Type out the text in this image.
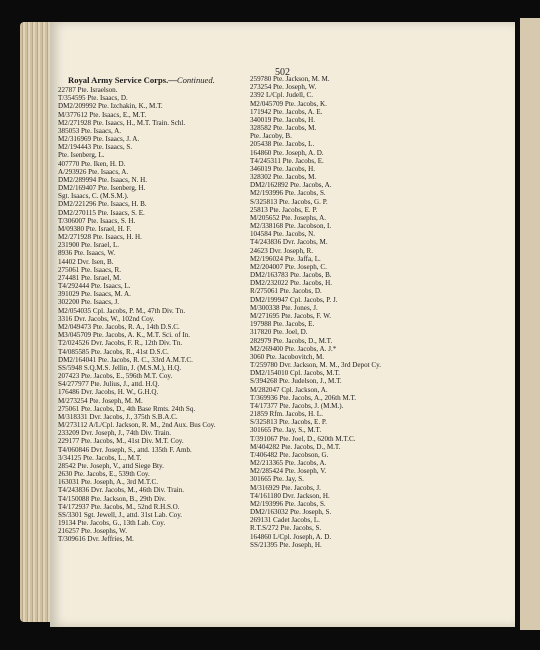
502
Royal Army Service Corps.—Continued.
22787 Pte. Israelson.
T/354595 Pte. Isaacs, D.
DM2/209992 Pte. Izchakin, K., M.T.
M/377612 Pte. Isaacs, E., M.T.
M2/271928 Pte. Isaacs, H., M.T. Train. Schl.
385053 Pte. Isaacs, A.
M2/316969 Pte. Isaacs, J. A.
M2/194443 Pte. Isaacs, S.
Pte. Isenberg, L.
407770 Pte. Iken, H. D.
A/293926 Pte. Isaacs, A.
DM2/289994 Pte. Isaacs, N. H.
DM2/169407 Pte. Isenberg, H.
Sgt. Isaacs, C. (M.S.M.).
DM2/221296 Pte. Isaacs, H. B.
DM2/270115 Pte. Isaacs, S. E.
T/306007 Pte. Isaacs, S. H.
M/09380 Pte. Israel, H. F.
M2/271928 Pte. Isaacs, H. H.
231900 Pte. Israel, L.
8936 Pte. Isaacs, W.
14402 Dvr. Isen, B.
275061 Pte. Isaacs, R.
274481 Pte. Israel, M.
T4/292444 Pte. Isaacs, L.
391029 Pte. Isaacs, M. A.
302200 Pte. Isaacs, J.
M2/054035 Cpl. Jacobs, P. M., 47th Div. Tn.
3316 Dvr. Jacobs, W., 102nd Coy.
M2/049473 Pte. Jacobs, R. A., 14th D.S.C.
M3/045709 Pte. Jacobs, A. K., M.T. Sci. of In.
T2/024526 Dvr. Jacobs, F. R., 12th Div. Tn.
T4/085585 Pte. Jacobs, R., 41st D.S.C.
DM2/164041 Pte. Jacobs, R. C., 33rd A.M.T.C.
SS/5948 S.Q.M.S. Jellin, J. (M.S.M.), H.Q.
207423 Pte. Jacobs, E., 596th M.T. Coy.
S4/277977 Pte. Julius, J., attd. H.Q.
176486 Dvr. Jacobs, H. W., G.H.Q.
M/273254 Pte. Joseph, M. M.
275061 Pte. Jacobs, D., 4th Base Rmts. 24th Sq.
M/318331 Dvr. Jacobs, J., 375th S.B.A.C.
M/273112 A/L/Cpl. Jackson, R. M., 2nd Aux. Bus Coy.
233209 Dvr. Joseph, J., 74th Div. Train.
229177 Pte. Jacobs, M., 41st Div. M.T. Coy.
T4/060846 Dvr. Joseph, S., attd. 135th F. Amb.
3/34125 Pte. Jacobs, L., M.T.
28542 Pte. Joseph, V., attd Siege Bty.
2630 Pte. Jacobs, E., 539th Coy.
163031 Pte. Joseph, A., 3rd M.T.C.
T4/243836 Dvr. Jacobs, M., 46th Div. Train.
T4/150088 Pte. Jackson, B., 29th Div.
T4/172937 Pte. Jacobs, M., 52nd R.H.S.O.
SS/3301 Sgt. Jewell, J., attd. 31st Lab. Coy.
19134 Pte. Jacobs, G., 13th Lab. Coy.
216257 Pte. Josephs, W.
T/309616 Dvr. Jeffries, M.
259780 Pte. Jackson, M. M.
273254 Pte. Joseph, W.
2392 L/Cpl. Judell, C.
M2/045709 Pte. Jacobs, K.
171942 Pte. Jacobs, A. E.
340019 Pte. Jacobs, H.
328582 Pte. Jacobs, M.
Pte. Jacoby, B.
205438 Pte. Jacobs, L.
164860 Pte. Joseph, A. D.
T4/245311 Pte. Jacobs, E.
346019 Pte. Jacobs, H.
328302 Pte. Jacobs, M.
DM2/162892 Pte. Jacobs, A.
M2/193996 Pte. Jacobs, S.
S/325813 Pte. Jacobs, G. P.
25813 Pte. Jacobs, E. P.
M/205652 Pte. Josephs, A.
M2/338168 Pte. Jacobson, I.
104584 Pte. Jacobs, N.
T4/243836 Dvr. Jacobs, M.
24623 Dvr. Joseph, R.
M2/196024 Pte. Jaffa, L.
M2/204007 Pte. Joseph, C.
DM2/163783 Pte. Jacobs, B.
DM2/232022 Pte. Jacobs, H.
R/275061 Pte. Jacobs, D.
DM2/199947 Cpl. Jacobs, P. J.
M/300338 Pte. Jones, J.
M/271695 Pte. Jacobs, F. W.
197988 Pte. Jacobs, E.
317820 Pte. Joel, D.
282979 Pte. Jacobs, D., M.T.
M2/269400 Pte. Jacobs, A. J.*
3060 Pte. Jacobovitch, M.
T/259780 Dvr. Jackson, M. M., 3rd Depot Cy.
DM2/154010 Cpl. Jacobs, M.T.
S/394268 Pte. Judelson, J., M.T.
M/282047 Cpl. Jackson, A.
T/369936 Pte. Jacobs, A., 206th M.T.
T4/17377 Pte. Jacobs, J. (M.M.).
21859 Rfm. Jacobs, H. L.
S/325813 Pte. Jacobs, E. P.
301665 Pte. Jay, S., M.T.
T/391067 Pte. Joel, D., 620th M.T.C.
M/404282 Pte. Jacobs, D., M.T.
T/406482 Pte. Jacobson, G.
M2/213365 Pte. Jacobs, A.
M2/285424 Pte. Joseph, V.
301665 Pte. Jay, S.
M/316929 Pte. Jacobs, J.
T4/161180 Dvr. Jackson, H.
M2/193996 Pte. Jacobs, S.
DM2/163032 Pte. Joseph, S.
269131 Cadet Jacobs, L.
R.T.S/272 Pte. Jacobs, S.
164860 L/Cpl. Joseph, A. D.
SS/21395 Pte. Joseph, H.
